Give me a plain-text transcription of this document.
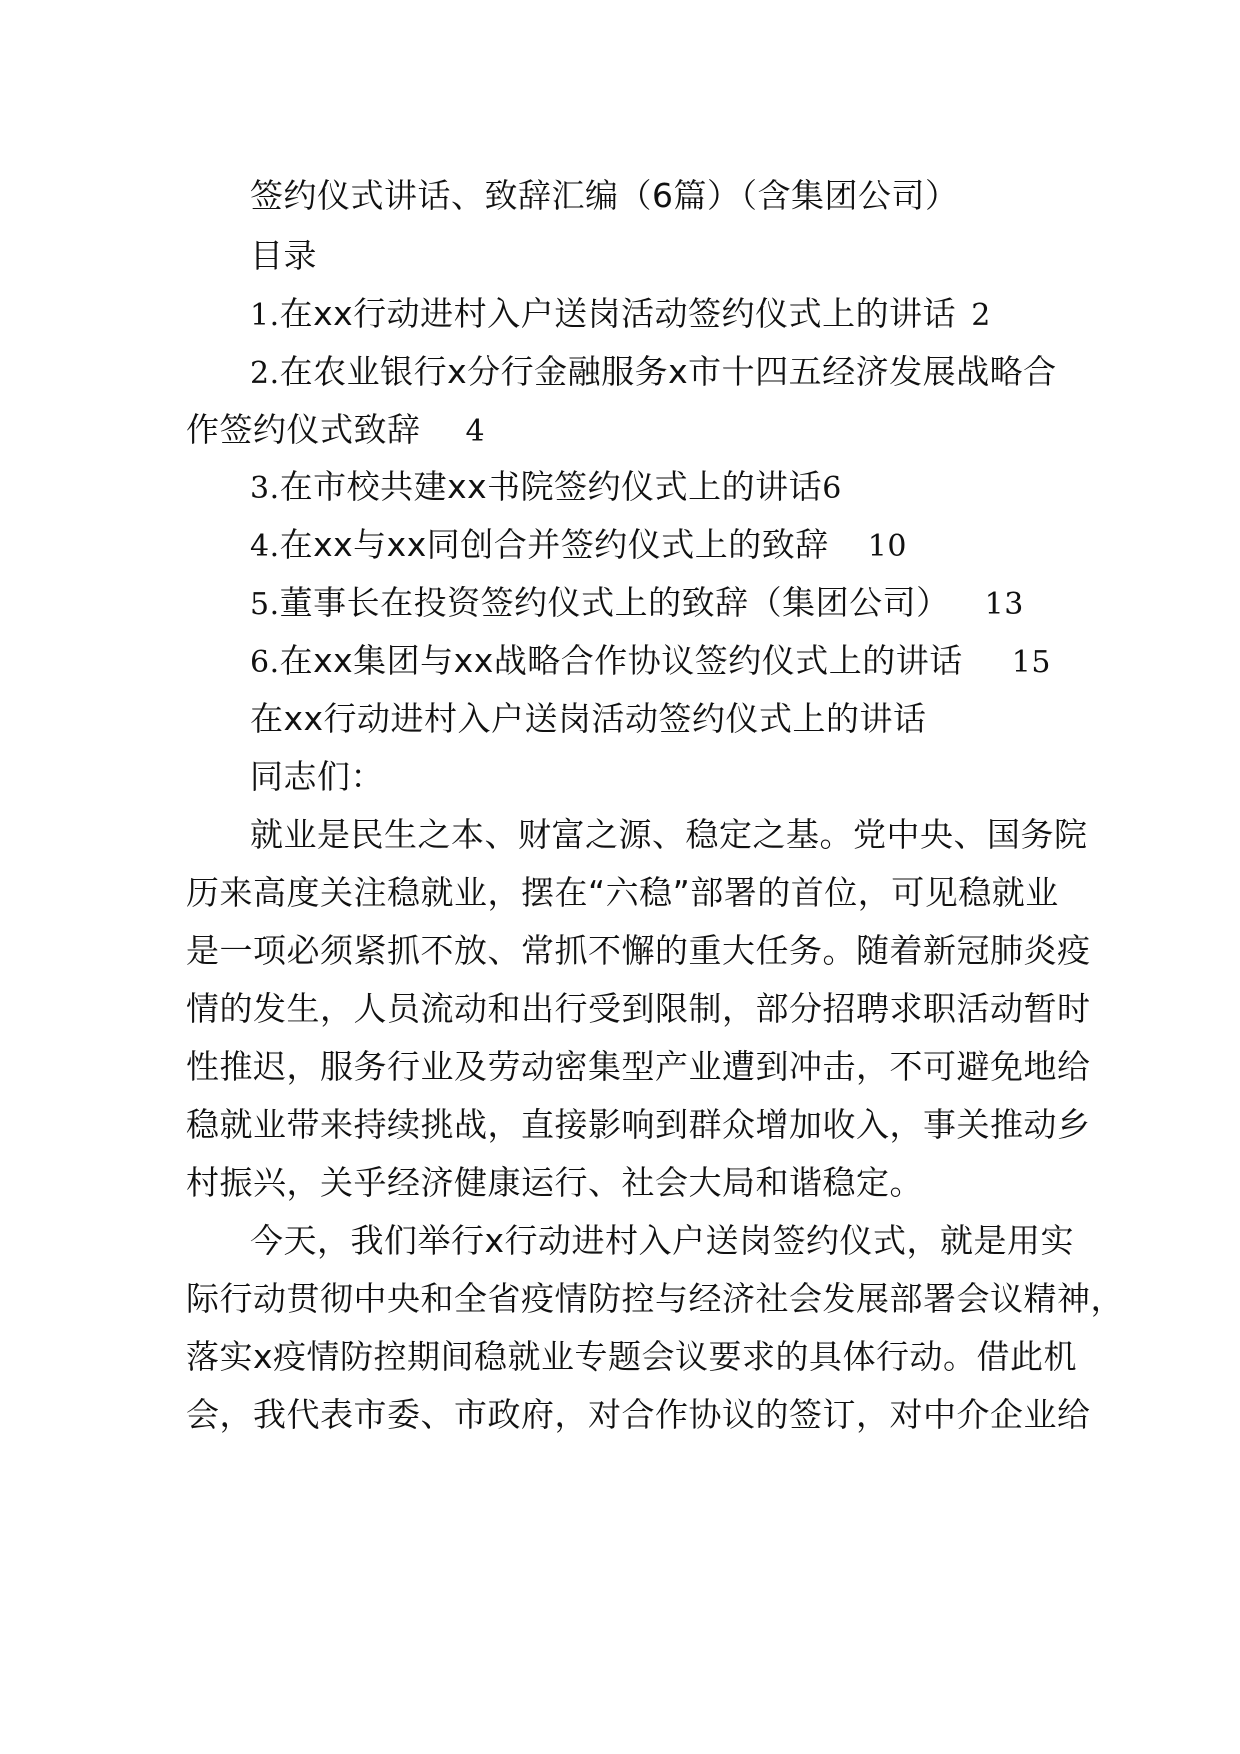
签约仪式讲话、致辞汇编（6篇）（含集团公司）
目录
1.在xx行动进村入户送岗活动签约仪式上的讲话 2
2.在农业银行x分行金融服务x市十四五经济发展战略合
作签约仪式致辞 4
3.在市校共建xx书院签约仪式上的讲话6
4.在xx与xx同创合并签约仪式上的致辞 10
5.董事长在投资签约仪式上的致辞（集团公司） 13
6.在xx集团与xx战略合作协议签约仪式上的讲话 15
在xx行动进村入户送岗活动签约仪式上的讲话
同志们：
就业是民生之本、财富之源、稳定之基。党中央、国务院
历来高度关注稳就业，摆在“六稳”部署的首位，可见稳就业
是一项必须紧抓不放、常抓不懈的重大任务。随着新冠肺炎疫
情的发生，人员流动和出行受到限制，部分招聘求职活动暂时
性推迟，服务行业及劳动密集型产业遭到冲击，不可避免地给
稳就业带来持续挑战，直接影响到群众增加收入，事关推动乡
村振兴，关乎经济健康运行、社会大局和谐稳定。
今天，我们举行x行动进村入户送岗签约仪式，就是用实
际行动贯彻中央和全省疫情防控与经济社会发展部署会议精神，
落实x疫情防控期间稳就业专题会议要求的具体行动。借此机
会，我代表市委、市政府，对合作协议的签订，对中介企业给
